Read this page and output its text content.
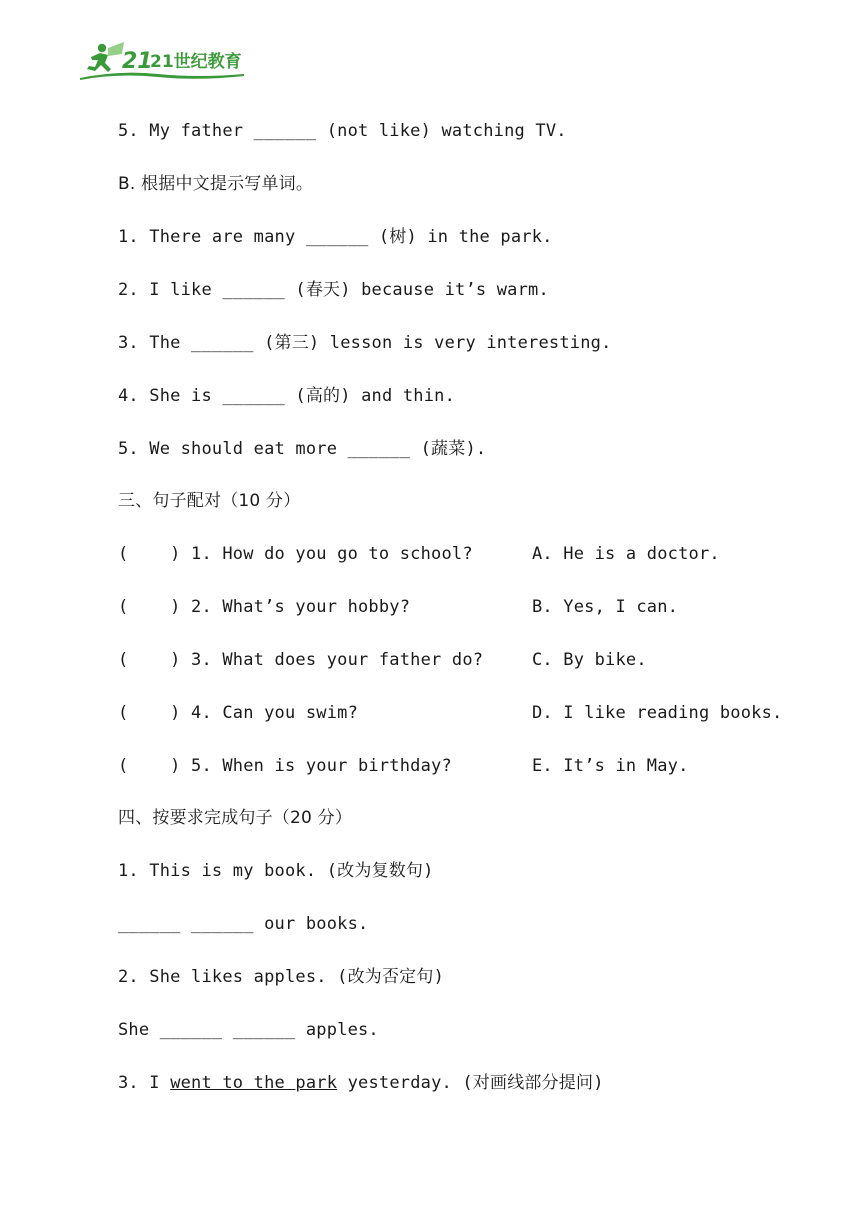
21
21世纪教育
5. My father ______ (not like) watching TV.
B. 根据中文提示写单词。
1. There are many ______ (树) in the park.
2. I like ______ (春天) because it’s warm.
3. The ______ (第三) lesson is very interesting.
4. She is ______ (高的) and thin.
5. We should eat more ______ (蔬菜).
三、句子配对（10 分）
(    ) 1. How do you go to school?	A. He is a doctor.
(    ) 2. What’s your hobby?	B. Yes, I can.
(    ) 3. What does your father do?	C. By bike.
(    ) 4. Can you swim?	D. I like reading books.
(    ) 5. When is your birthday?	E. It’s in May.
四、按要求完成句子（20 分）
1. This is my book. (改为复数句)
______ ______ our books.
2. She likes apples. (改为否定句)
She ______ ______ apples.
3. I went to the park yesterday. (对画线部分提问)
